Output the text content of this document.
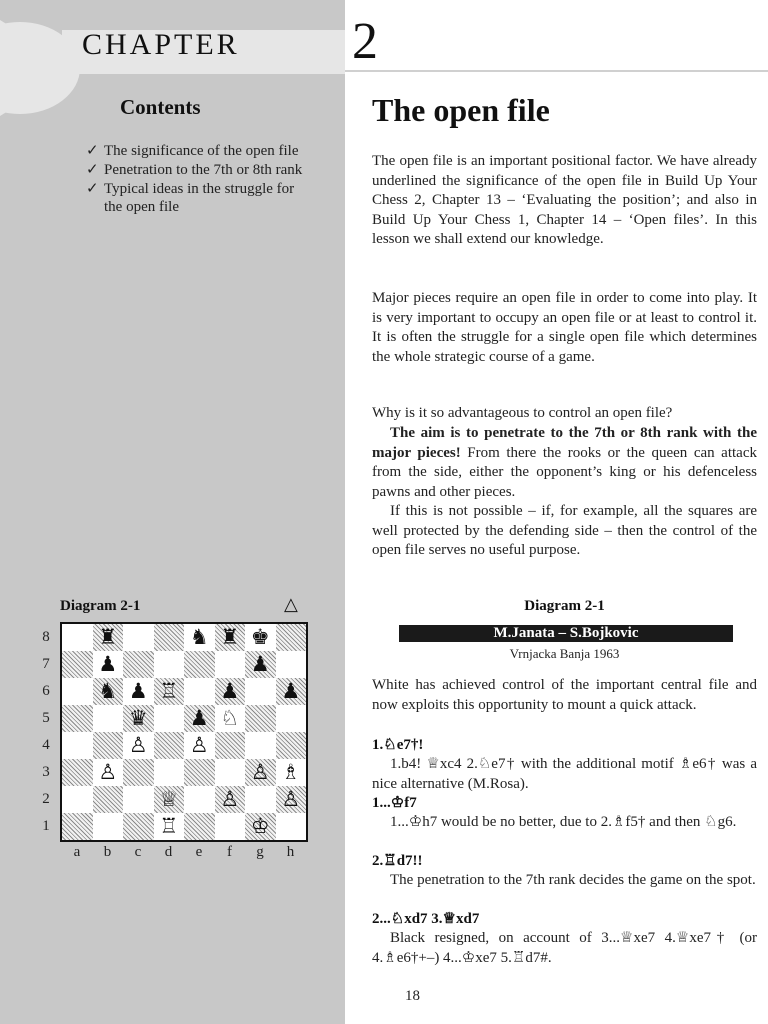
CHAPTER 2
Contents
✓ The significance of the open file
✓ Penetration to the 7th or 8th rank
✓ Typical ideas in the struggle for the open file
Diagram 2-1	△
♜	♞ ♜ ♚
♟	♟
♞ ♟ ♖ ♟ ♟
♛ ♟ ♘
♙ ♙
♙	♙ ♗
♕ ♙ ♙
♖	♔
8
7
6
5
4
3
2
1
a	b	c	d	e	f	g	h
The open file

The open file is an important positional factor. We have already underlined the significance of the open file in Build Up Your Chess 2, Chapter 13 – ‘Evaluating the position’; and also in Build Up Your Chess 1, Chapter 14 – ‘Open files’. In this lesson we shall extend our knowledge.

Major pieces require an open file in order to come into play. It is very important to occupy an open file or at least to control it. It is often the struggle for a single open file which determines the whole strategic course of a game.

Why is it so advantageous to control an open file?

The aim is to penetrate to the 7th or 8th rank with the major pieces! From there the rooks or the queen can attack from the side, either the opponent’s king or his defenceless pawns and other pieces.

If this is not possible – if, for example, all the squares are well protected by the defending side – then the control of the open file serves no useful purpose.

Diagram 2-1
M.Janata – S.Bojkovic
Vrnjacka Banja 1963

White has achieved control of the important central file and now exploits this opportunity to mount a quick attack.

1.♘e7†!

1.b4! ♕xc4 2.♘e7† with the additional motif ♗e6† was a nice alternative (M.Rosa).

1...♔f7

1...♔h7 would be no better, due to 2.♗f5† and then ♘g6.

2.♖d7!!

The penetration to the 7th rank decides the game on the spot.

2...♘xd7 3.♕xd7

Black resigned, on account of 3...♕xe7 4.♕xe7† (or 4.♗e6†+–) 4...♔xe7 5.♖d7#.

18
